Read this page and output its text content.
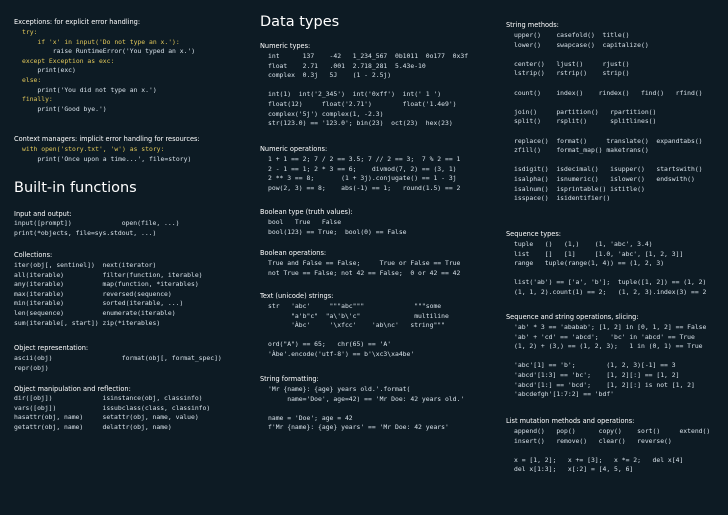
Exceptions: for explicit error handling:
try:
if 'x' in input('Do not type an x.'):
raise RuntimeError('You typed an x.')
except Exception as exc:
print(exc)
else:
print('You did not type an x.')
finally:
print('Good bye.')
Context managers: implicit error handling for resources:
with open('story.txt', 'w') as story:
print('Once upon a time...', file=story)
Built-in functions
Input and output:
input([prompt])             open(file, ...)
print(*objects, file=sys.stdout, ...)
Collections:
iter(obj[, sentinel])  next(iterator)
all(iterable)          filter(function, iterable)
any(iterable)          map(function, *iterables)
max(iterable)          reversed(sequence)
min(iterable)          sorted(iterable, ...)
len(sequence)          enumerate(iterable)
sum(iterable[, start]) zip(*iterables)
Object representation:
ascii(obj)                  format(obj[, format_spec])
repr(obj)
Object manipulation and reflection:
dir([obj])             isinstance(obj, classinfo)
vars([obj])            issubclass(class, classinfo)
hasattr(obj, name)     setattr(obj, name, value)
getattr(obj, name)     delattr(obj, name)
Data types
Numeric types:
int      137    -42   1_234_567  0b1011  0o177  0x3f
float    2.71   .001  2.718_281  5.43e-10
complex  0.3j   5J    (1 - 2.5j)

int(1)  int('2_345')  int('0xff')  int(' 1 ')
float(12)     float('2.71')        float('1.4e9')
complex('5j') complex(1, -2.3)
str(123.0) == '123.0'; bin(23)  oct(23)  hex(23)
Numeric operations:
1 + 1 == 2; 7 / 2 == 3.5; 7 // 2 == 3;  7 % 2 == 1
2 - 1 == 1; 2 * 3 == 6;    divmod(7, 2) == (3, 1)
2 ** 3 == 8;       (1 + 3j).conjugate() == 1 - 3j
pow(2, 3) == 8;    abs(-1) == 1;   round(1.5) == 2
Boolean type (truth values):
bool   True   False
bool(123) == True;  bool(0) == False
Boolean operations:
True and False == False;     True or False == True
not True == False; not 42 == False;  0 or 42 == 42
Text (unicode) strings:
str   'abc'     """abc"""             """some
"a'b"c"  "a\'b\'c"              multiline
'Àbc'     '\xfcc'    'ab\nc'   string"""

ord("A") == 65;   chr(65) == 'A'
'Àbe'.encode('utf-8') == b'\xc3\xa4be'
String formatting:
'Mr {name}: {age} years old.'.format(
name='Doe', age=42) == 'Mr Doe: 42 years old.'

name = 'Doe'; age = 42
f'Mr {name}: {age} years' == 'Mr Doe: 42 years'
String methods:
upper()    casefold()  title()
lower()    swapcase()  capitalize()

center()   ljust()     rjust()
lstrip()   rstrip()    strip()

count()    index()    rindex()   find()   rfind()

join()     partition()   rpartition()
split()    rsplit()      splitlines()

replace()  format()     translate()  expandtabs()
zfill()    format_map() maketrans()

isdigit()  isdecimal()   isupper()   startswith()
isalpha()  isnumeric()   islower()   endswith()
isalnum()  isprintable() istitle()
isspace()  isidentifier()
Sequence types:
tuple   ()   (1,)    (1, 'abc', 3.4)
list    []   [1]     [1.0, 'abc', [1, 2, 3]]
range   tuple(range(1, 4)) == (1, 2, 3)

list('ab') == ['a', 'b'];  tuple([1, 2]) == (1, 2)
(1, 1, 2).count(1) == 2;   (1, 2, 3).index(3) == 2
Sequence and string operations, slicing:
'ab' * 3 == 'ababab'; [1, 2] in [0, 1, 2] == False
'ab' + 'cd' == 'abcd';   'bc' in 'abcd' == True
(1, 2) + (3,) == (1, 2, 3);   1 in (0, 1) == True

'abc'[1] == 'b';        (1, 2, 3)[-1] == 3
'abcd'[1:3] == 'bc';    [1, 2][:] == [1, 2]
'abcd'[1:] == 'bcd';    [1, 2][:] is not [1, 2]
'abcdefgh'[1:7:2] == 'bdf'
List mutation methods and operations:
append()   pop()      copy()    sort()     extend()
insert()   remove()   clear()   reverse()

x = [1, 2];   x += [3];   x *= 2;   del x[4]
del x[1:3];   x[:2] = [4, 5, 6]
